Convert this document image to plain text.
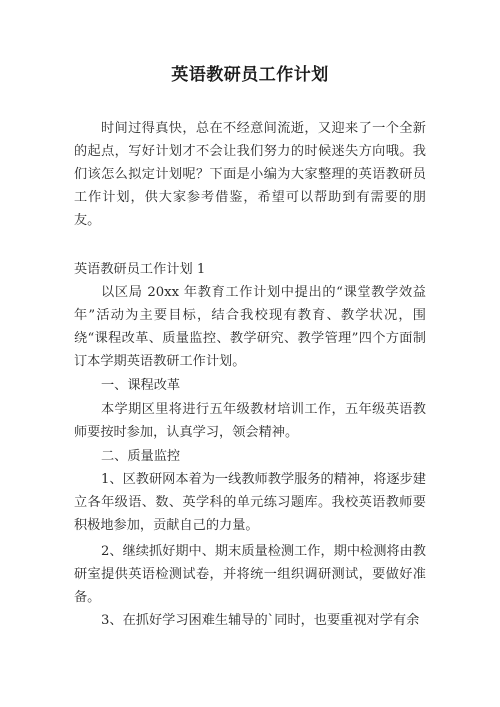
英语教研员工作计划

时间过得真快，总在不经意间流逝，又迎来了一个全新的起点，写好计划才不会让我们努力的时候迷失方向哦。我们该怎么拟定计划呢？下面是小编为大家整理的英语教研员工作计划，供大家参考借鉴，希望可以帮助到有需要的朋友。

英语教研员工作计划 1

以区局 20xx 年教育工作计划中提出的“课堂教学效益年”活动为主要目标，结合我校现有教育、教学状况，围绕“课程改革、质量监控、教学研究、教学管理”四个方面制订本学期英语教研工作计划。

一、课程改革

本学期区里将进行五年级教材培训工作，五年级英语教师要按时参加，认真学习，领会精神。

二、质量监控

1、区教研网本着为一线教师教学服务的精神，将逐步建立各年级语、数、英学科的单元练习题库。我校英语教师要积极地参加，贡献自己的力量。

2、继续抓好期中、期末质量检测工作，期中检测将由教研室提供英语检测试卷，并将统一组织调研测试，要做好准备。

3、在抓好学习困难生辅导的`同时，也要重视对学有余
